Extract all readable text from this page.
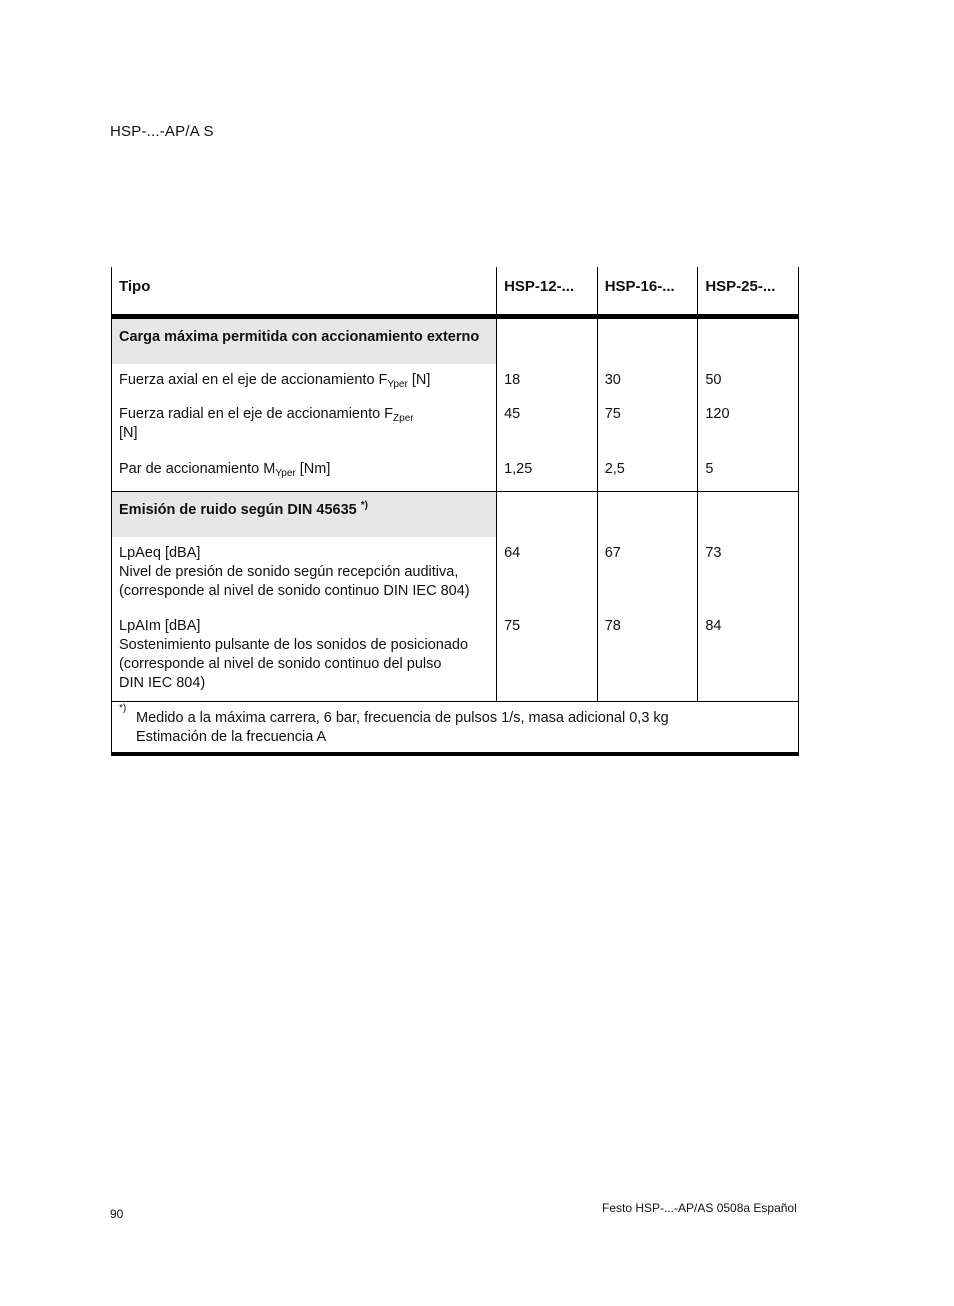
HSP-...-AP/A S
Tipo	HSP-12-...	HSP-16-...	HSP-25-...
Carga máxima permitida con accionamiento externo			
Fuerza axial en el eje de accionamiento $F_{Yper}$ [N]	18	30	50
Fuerza radial en el eje de accionamiento $F_{Zper}$
[N]	45	75	120
Par de accionamiento $M_{Yper}$ [Nm]	1,25	2,5	5
Emisión de ruido según DIN 45635 *)			
LpAeq [dBA]
Nivel de presión de sonido según recepción auditiva,
(corresponde al nivel de sonido continuo DIN IEC 804)	64	67	73
LpAIm [dBA]
Sostenimiento pulsante de los sonidos de posicionado
(corresponde al nivel de sonido continuo del pulso
DIN IEC 804)	75	78	84

*)
Medido a la máxima carrera, 6 bar, frecuencia de pulsos 1/s, masa adicional 0,3 kg
Estimación de la frecuencia A			
90	Festo HSP-...-AP/AS 0508a Español
